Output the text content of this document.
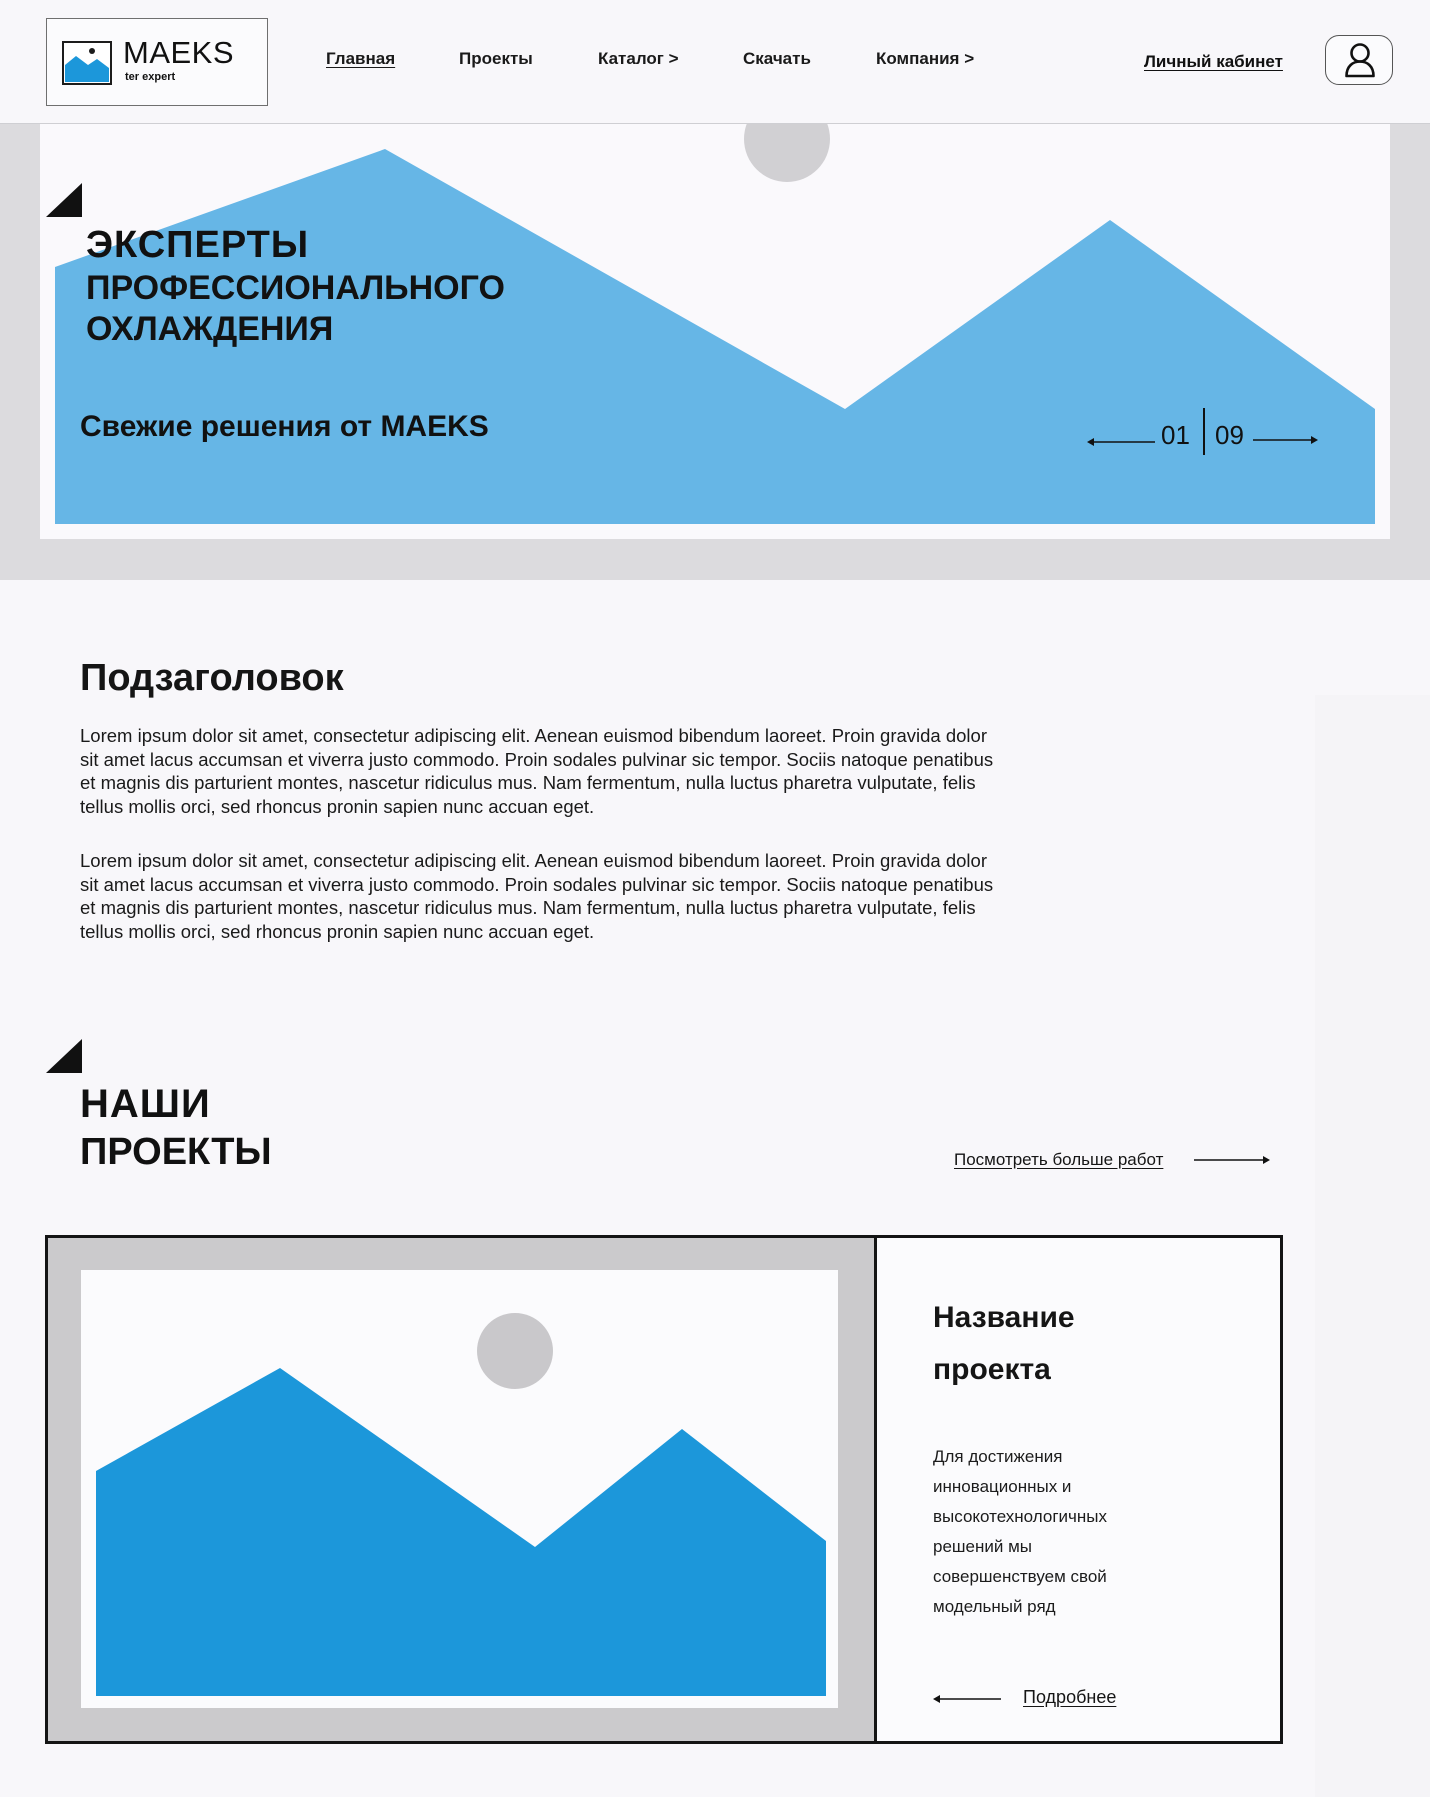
MAEKS
ter expert
Главная	Проекты	Каталог >	Скачать	Компания >	Личный кабинет
ЭКСПЕРТЫ
ПРОФЕССИОНАЛЬНОГО
ОХЛАЖДЕНИЯ
Свежие решения от MAEKS	01 09
Подзаголовок
Lorem ipsum dolor sit amet, consectetur adipiscing elit. Aenean euismod bibendum laoreet. Proin gravida dolor sit amet lacus accumsan et viverra justo commodo. Proin sodales pulvinar sic tempor. Sociis natoque penatibus et magnis dis parturient montes, nascetur ridiculus mus. Nam fermentum, nulla luctus pharetra vulputate, felis tellus mollis orci, sed rhoncus pronin sapien nunc accuan eget.
Lorem ipsum dolor sit amet, consectetur adipiscing elit. Aenean euismod bibendum laoreet. Proin gravida dolor sit amet lacus accumsan et viverra justo commodo. Proin sodales pulvinar sic tempor. Sociis natoque penatibus et magnis dis parturient montes, nascetur ridiculus mus. Nam fermentum, nulla luctus pharetra vulputate, felis tellus mollis orci, sed rhoncus pronin sapien nunc accuan eget.
НАШИ
ПРОЕКТЫ	Посмотреть больше работ
Название проекта
Для достижения инновационных и высокотехнологичных решений мы совершенствуем свой модельный ряд
Подробнее
